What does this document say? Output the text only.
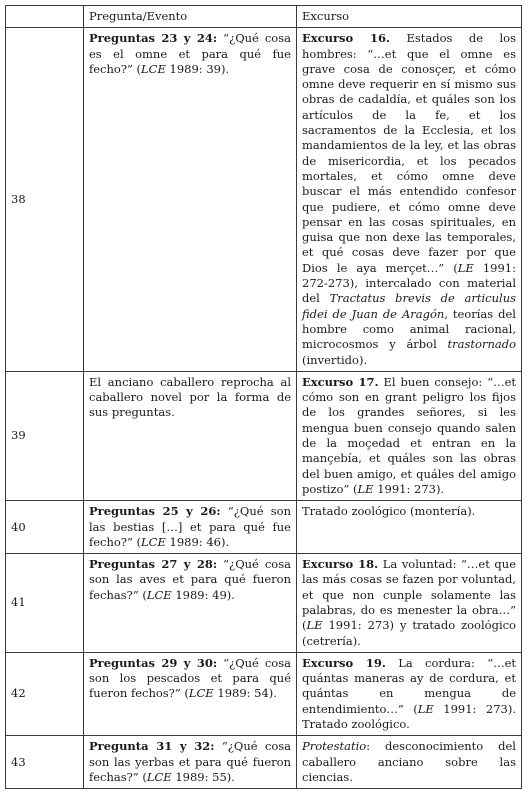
	Pregunta/Evento	Excurso
38	Preguntas 23 y 24: “¿Qué cosa es el omne et para qué fue fecho?” (LCE 1989: 39).	Excurso 16. Estados de los hombres: “…et que el omne es grave cosa de conosçer, et cómo omne deve requerir en sí mismo sus obras de cadaldía, et quáles son los artículos de la fe, et los sacramentos de la Ecclesia, et los mandamientos de la ley, et las obras de misericordia, et los pecados mortales, et cómo omne deve buscar el más entendido confesor que pudiere, et cómo omne deve pensar en las cosas spirituales, en guisa que non dexe las temporales, et qué cosas deve fazer por que Dios le aya merçet…” (LE 1991: 272-273), intercalado con material del Tractatus brevis de articulus fidei de Juan de Aragón, teorías del hombre como animal racional, microcosmos y árbol trastornado (invertido).
39	El anciano caballero reprocha al caballero novel por la forma de sus preguntas.	Excurso 17. El buen consejo: “…et cómo son en grant peligro los fijos de los grandes señores, si les mengua buen consejo quando salen de la moçedad et entran en la mançebía, et quáles son las obras del buen amigo, et quáles del amigo postizo” (LE 1991: 273).
40	Preguntas 25 y 26: “¿Qué son las bestias […] et para qué fue fecho?” (LCE 1989: 46).	Tratado zoológico (montería).
41	Preguntas 27 y 28: “¿Qué cosa son las aves et para qué fueron fechas?” (LCE 1989: 49).	Excurso 18. La voluntad: “…et que las más cosas se fazen por voluntad, et que non cunple solamente las palabras, do es menester la obra…” (LE 1991: 273) y tratado zoológico (cetrería).
42	Preguntas 29 y 30: “¿Qué cosa son los pescados et para qué fueron fechos?” (LCE 1989: 54).	Excurso 19. La cordura: “…et quántas maneras ay de cordura, et quántas en mengua de entendimiento…” (LE 1991: 273). Tratado zoológico.
43	Pregunta 31 y 32: “¿Qué cosa son las yerbas et para qué fueron fechas?” (LCE 1989: 55).	Protestatio: desconocimiento del caballero anciano sobre las ciencias.
